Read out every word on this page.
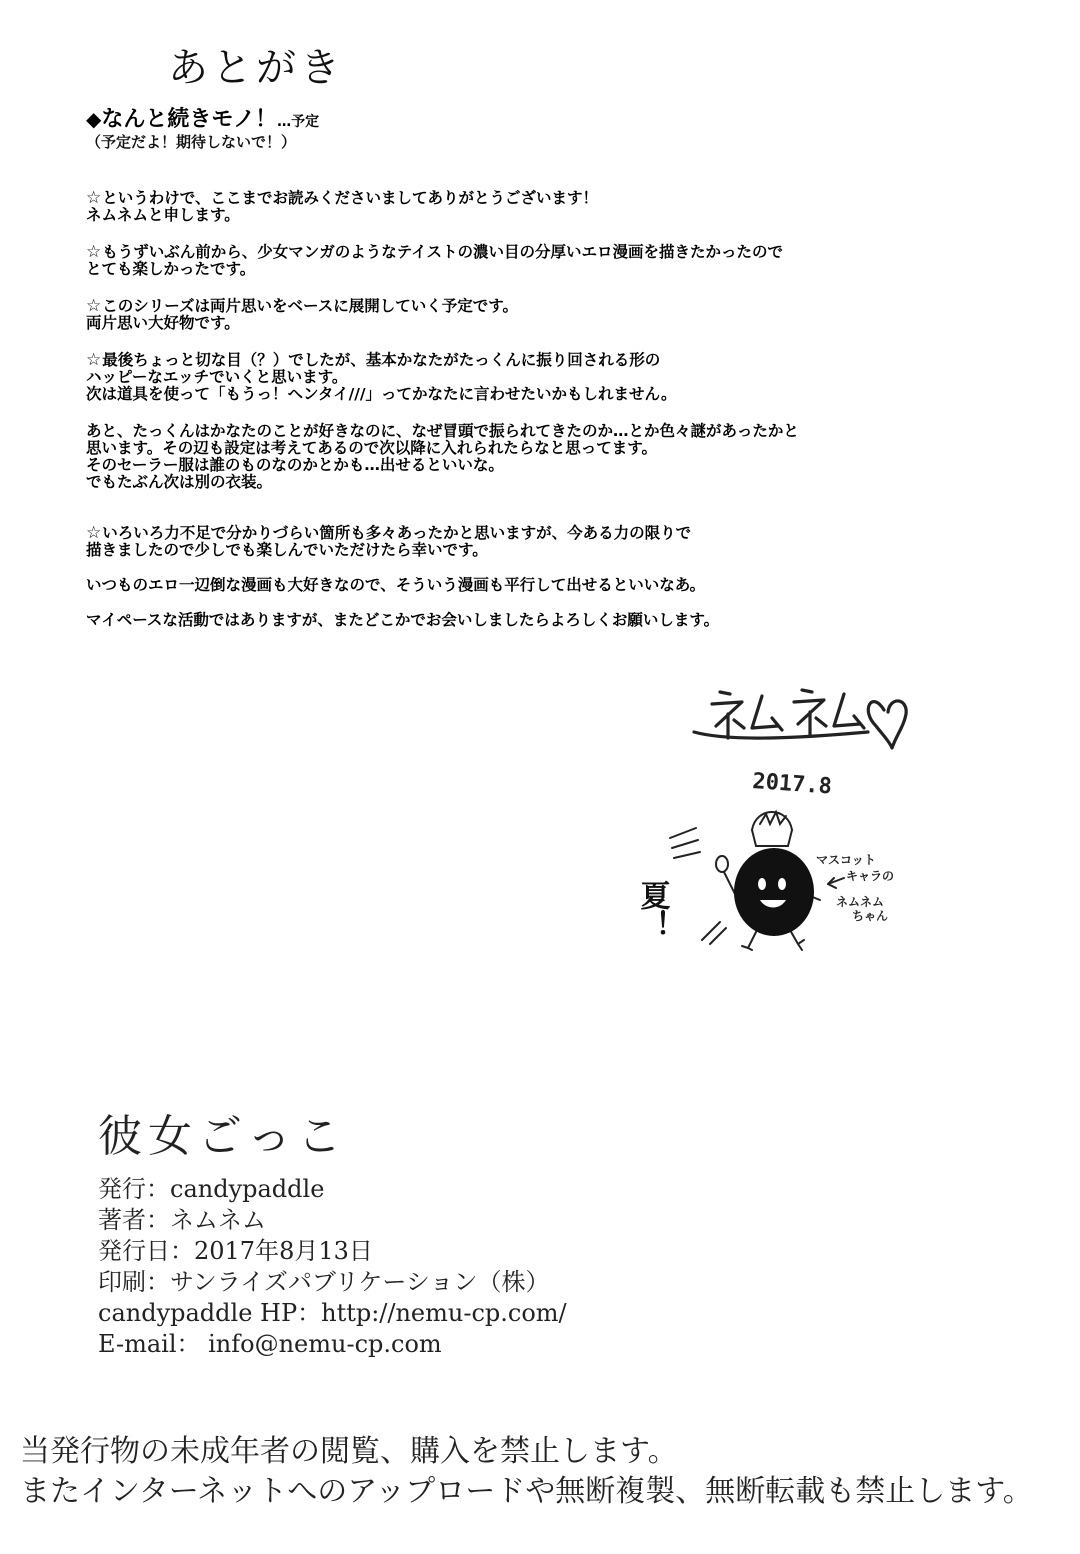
あとがき
◆なんと続きモノ！…予定
（予定だよ！期待しないで！）
☆というわけで、ここまでお読みくださいましてありがとうございます！
ネムネムと申します。
☆もうずいぶん前から、少女マンガのようなテイストの濃い目の分厚いエロ漫画を描きたかったので
とても楽しかったです。
☆このシリーズは両片思いをベースに展開していく予定です。
両片思い大好物です。
☆最後ちょっと切な目（？）でしたが、基本かなたがたっくんに振り回される形の
ハッピーなエッチでいくと思います。
次は道具を使って「もうっ！ヘンタイ///」ってかなたに言わせたいかもしれません。
あと、たっくんはかなたのことが好きなのに、なぜ冒頭で振られてきたのか…とか色々謎があったかと
思います。その辺も設定は考えてあるので次以降に入れられたらなと思ってます。
そのセーラー服は誰のものなのかとかも…出せるといいな。
でもたぶん次は別の衣装。
☆いろいろ力不足で分かりづらい箇所も多々あったかと思いますが、今ある力の限りで
描きましたので少しでも楽しんでいただけたら幸いです。
いつものエロ一辺倒な漫画も大好きなので、そういう漫画も平行して出せるといいなあ。
マイペースな活動ではありますが、またどこかでお会いしましたらよろしくお願いします。
2017.8
夏！
マスコット
キャラの
ネムネム
ちゃん
彼女ごっこ
発行：candypaddle
著者：ネムネム
発行日：2017年8月13日
印刷：サンライズパブリケーション（株）
candypaddle HP：http://nemu-cp.com/
E-mail： info@nemu-cp.com
当発行物の未成年者の閲覧、購入を禁止します。
またインターネットへのアップロードや無断複製、無断転載も禁止します。
